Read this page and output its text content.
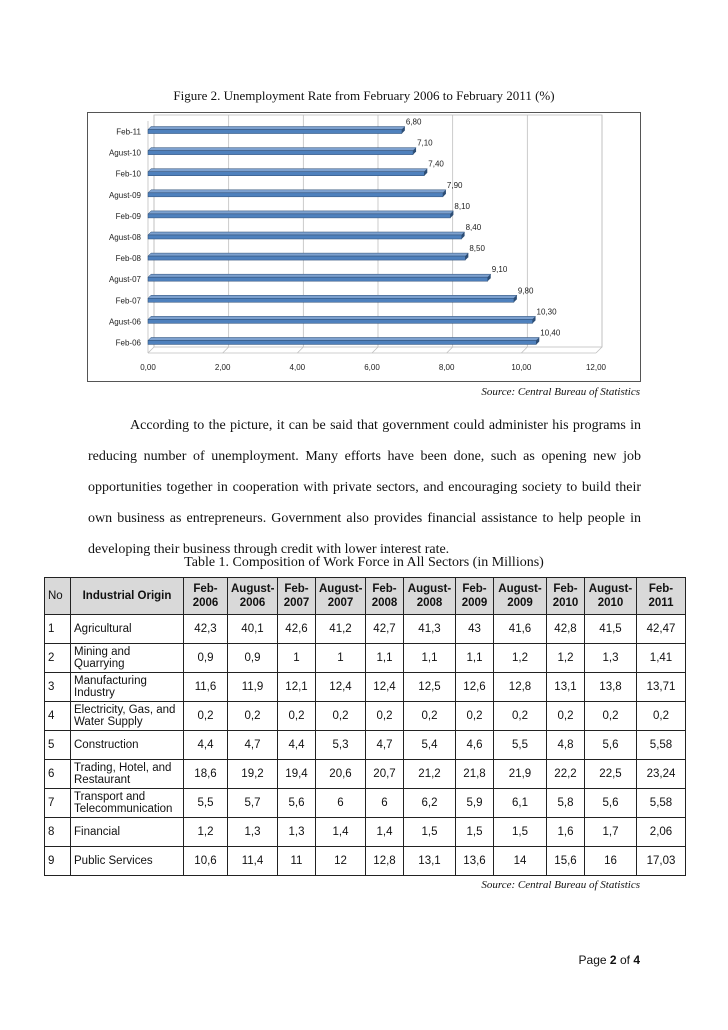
Figure 2. Unemployment Rate from February 2006 to February 2011 (%)
0,00	2,00	4,00	6,00	8,00	10,00	12,00
Feb-06
10,40
Agust-06
10,30
Feb-07
9,80
Agust-07
9,10
Feb-08
8,50
Agust-08
8,40
Feb-09
8,10
Agust-09
7,90
Feb-10
7,40
Agust-10
7,10
Feb-11
6,80
Source: Central Bureau of Statistics

According to the picture, it can be said that government could administer his programs in reducing number of unemployment. Many efforts have been done, such as opening new job opportunities together in cooperation with private sectors, and encouraging society to build their own business as entrepreneurs. Government also provides financial assistance to help people in developing their business through credit with lower interest rate.

Table 1. Composition of Work Force in All Sectors (in Millions)
No	Industrial Origin	Feb-2006	August-2006	Feb-2007	August-2007	Feb-2008	August-2008	Feb-2009	August-2009	Feb-2010	August-2010	Feb-2011
1	Agricultural	42,3	40,1	42,6	41,2	42,7	41,3	43	41,6	42,8	41,5	42,47
2	Mining and Quarrying	0,9	0,9	1	1	1,1	1,1	1,1	1,2	1,2	1,3	1,41
3	Manufacturing Industry	11,6	11,9	12,1	12,4	12,4	12,5	12,6	12,8	13,1	13,8	13,71
4	Electricity, Gas, and Water Supply	0,2	0,2	0,2	0,2	0,2	0,2	0,2	0,2	0,2	0,2	0,2
5	Construction	4,4	4,7	4,4	5,3	4,7	5,4	4,6	5,5	4,8	5,6	5,58
6	Trading, Hotel, and Restaurant	18,6	19,2	19,4	20,6	20,7	21,2	21,8	21,9	22,2	22,5	23,24
7	Transport and Telecommunication	5,5	5,7	5,6	6	6	6,2	5,9	6,1	5,8	5,6	5,58
8	Financial	1,2	1,3	1,3	1,4	1,4	1,5	1,5	1,5	1,6	1,7	2,06
9	Public Services	10,6	11,4	11	12	12,8	13,1	13,6	14	15,6	16	17,03
Source: Central Bureau of Statistics
Page 2 of 4
